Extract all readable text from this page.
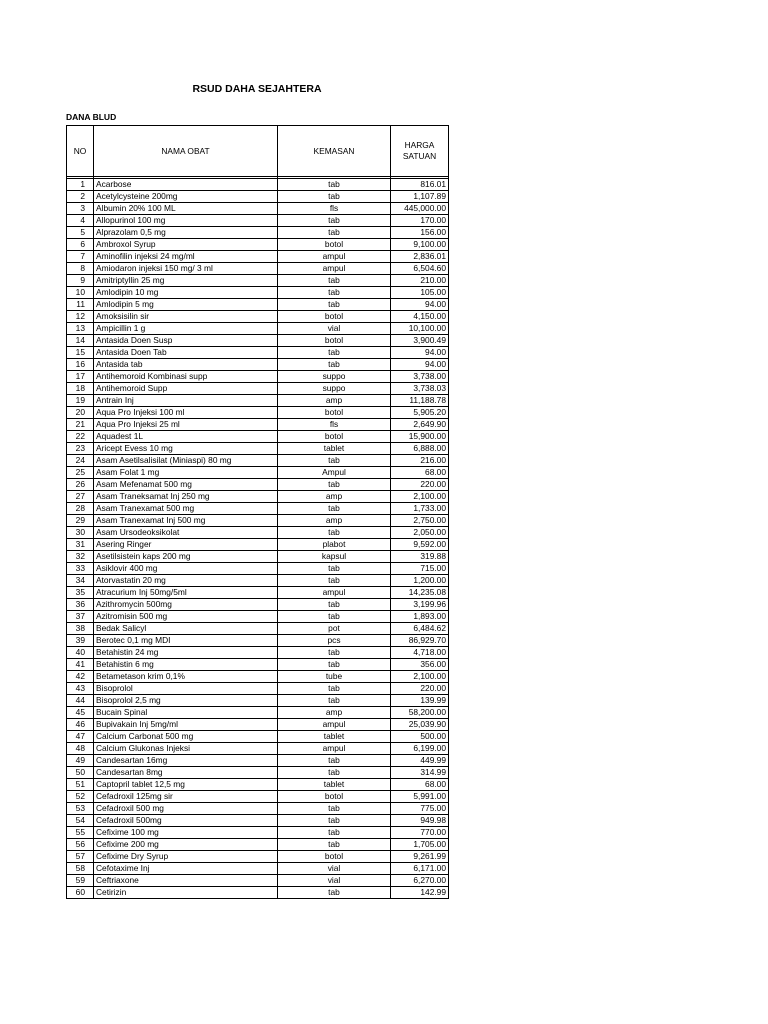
RSUD DAHA SEJAHTERA
DANA BLUD
NO	NAMA OBAT	KEMASAN	HARGA
SATUAN

1	Acarbose	tab	816.01
2	Acetylcysteine 200mg	tab	1,107.89
3	Albumin 20% 100 ML	fls	445,000.00
4	Allopurinol 100 mg	tab	170.00
5	Alprazolam 0,5 mg	tab	156.00
6	Ambroxol Syrup	botol	9,100.00
7	Aminofilin injeksi 24 mg/ml	ampul	2,836.01
8	Amiodaron injeksi 150 mg/ 3 ml	ampul	6,504.60
9	Amitriptyllin 25 mg	tab	210.00
10	Amlodipin 10 mg	tab	105.00
11	Amlodipin 5 mg	tab	94.00
12	Amoksisilin sir	botol	4,150.00
13	Ampicillin 1 g	vial	10,100.00
14	Antasida Doen Susp	botol	3,900.49
15	Antasida Doen Tab	tab	94.00
16	Antasida tab	tab	94.00
17	Antihemoroid Kombinasi supp	suppo	3,738.00
18	Antihemoroid Supp	suppo	3,738.03
19	Antrain Inj	amp	11,188.78
20	Aqua Pro Injeksi 100 ml	botol	5,905.20
21	Aqua Pro Injeksi 25 ml	fls	2,649.90
22	Aquadest 1L	botol	15,900.00
23	Aricept Evess 10 mg	tablet	6,888.00
24	Asam Asetilsalisilat (Miniaspi) 80 mg	tab	216.00
25	Asam Folat 1 mg	Ampul	68.00
26	Asam Mefenamat 500 mg	tab	220.00
27	Asam Traneksamat Inj 250 mg	amp	2,100.00
28	Asam Tranexamat 500 mg	tab	1,733.00
29	Asam Tranexamat Inj 500 mg	amp	2,750.00
30	Asam Ursodeoksikolat	tab	2,050.00
31	Asering Ringer	plabot	9,592.00
32	Asetilsistein kaps 200 mg	kapsul	319.88
33	Asiklovir 400 mg	tab	715.00
34	Atorvastatin 20 mg	tab	1,200.00
35	Atracurium Inj 50mg/5ml	ampul	14,235.08
36	Azithromycin 500mg	tab	3,199.96
37	Azitromisin 500 mg	tab	1,893.00
38	Bedak Salicyl	pot	6,484.62
39	Berotec 0,1 mg MDI	pcs	86,929.70
40	Betahistin 24 mg	tab	4,718.00
41	Betahistin 6 mg	tab	356.00
42	Betametason krim 0,1%	tube	2,100.00
43	Bisoprolol	tab	220.00
44	Bisoprolol 2,5 mg	tab	139.99
45	Bucain Spinal	amp	58,200.00
46	Bupivakain Inj 5mg/ml	ampul	25,039.90
47	Calcium Carbonat 500 mg	tablet	500.00
48	Calcium Glukonas Injeksi	ampul	6,199.00
49	Candesartan 16mg	tab	449.99
50	Candesartan 8mg	tab	314.99
51	Captopril tablet 12,5 mg	tablet	68.00
52	Cefadroxil 125mg sir	botol	5,991.00
53	Cefadroxil 500 mg	tab	775.00
54	Cefadroxil 500mg	tab	949.98
55	Cefixime 100 mg	tab	770.00
56	Cefixime 200 mg	tab	1,705.00
57	Cefixime Dry Syrup	botol	9,261.99
58	Cefotaxime Inj	vial	6,171.00
59	Ceftriaxone	vial	6,270.00
60	Cetirizin	tab	142.99
